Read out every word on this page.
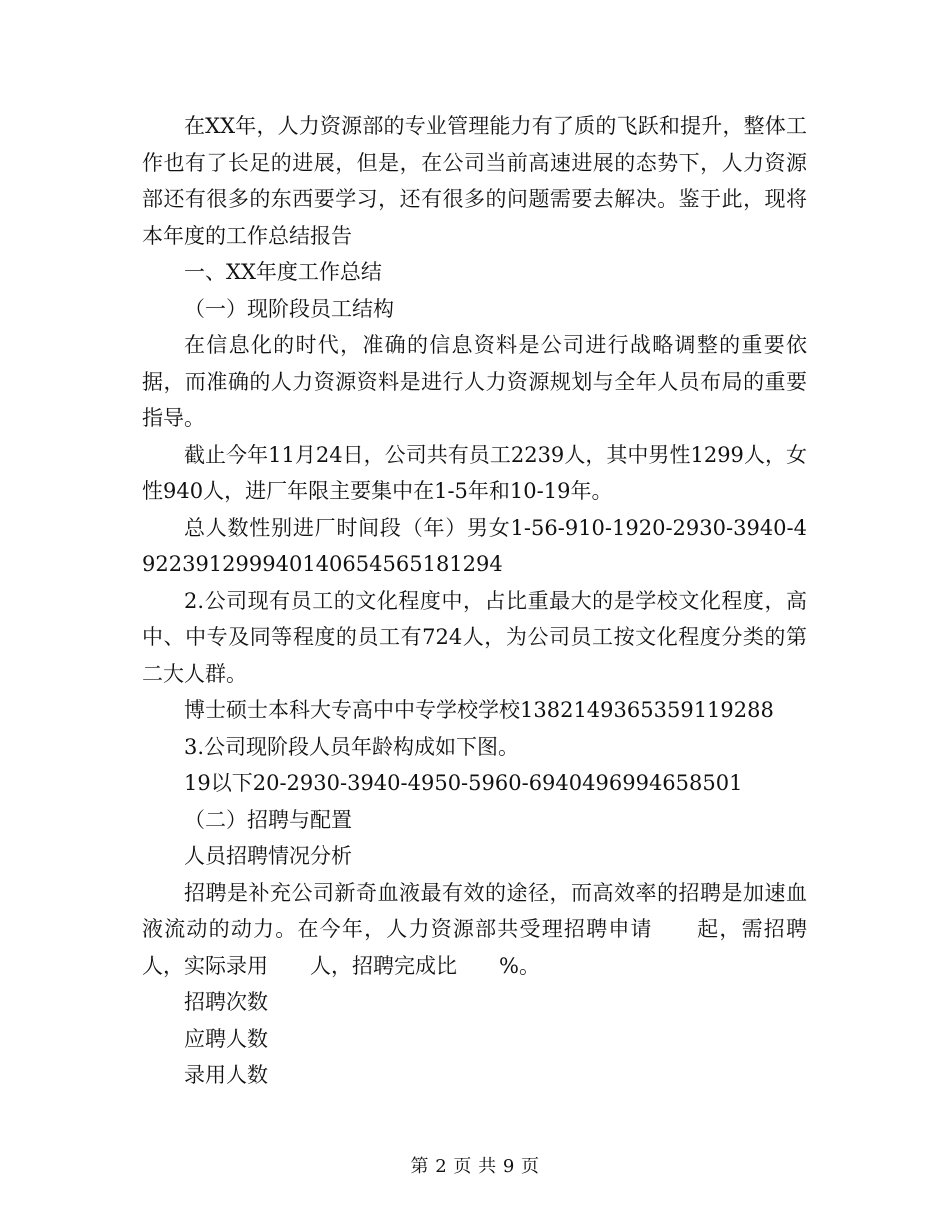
在XX年，人力资源部的专业管理能力有了质的飞跃和提升，整体工作也有了长足的进展，但是，在公司当前高速进展的态势下，人力资源部还有很多的东西要学习，还有很多的问题需要去解决。鉴于此，现将本年度的工作总结报告

一、XX年度工作总结

（一）现阶段员工结构

在信息化的时代，准确的信息资料是公司进行战略调整的重要依据，而准确的人力资源资料是进行人力资源规划与全年人员布局的重要指导。

截止今年11月24日，公司共有员工2239人，其中男性1299人，女性940人，进厂年限主要集中在1-5年和10-19年。

总人数性别进厂时间段（年）男女1-56-910-1920-2930-3940-4922391299940140654565181294

2.公司现有员工的文化程度中，占比重最大的是学校文化程度，高中、中专及同等程度的员工有724人，为公司员工按文化程度分类的第二大人群。

博士硕士本科大专高中中专学校学校1382149365359119288

3.公司现阶段人员年龄构成如下图。

19以下20-2930-3940-4950-5960-6940496994658501

（二）招聘与配置

人员招聘情况分析

招聘是补充公司新奇血液最有效的途径，而高效率的招聘是加速血液流动的动力。在今年，人力资源部共受理招聘申请　　起，需招聘　人，实际录用　　人，招聘完成比　　%。

招聘次数

应聘人数

录用人数

第 2 页 共 9 页
